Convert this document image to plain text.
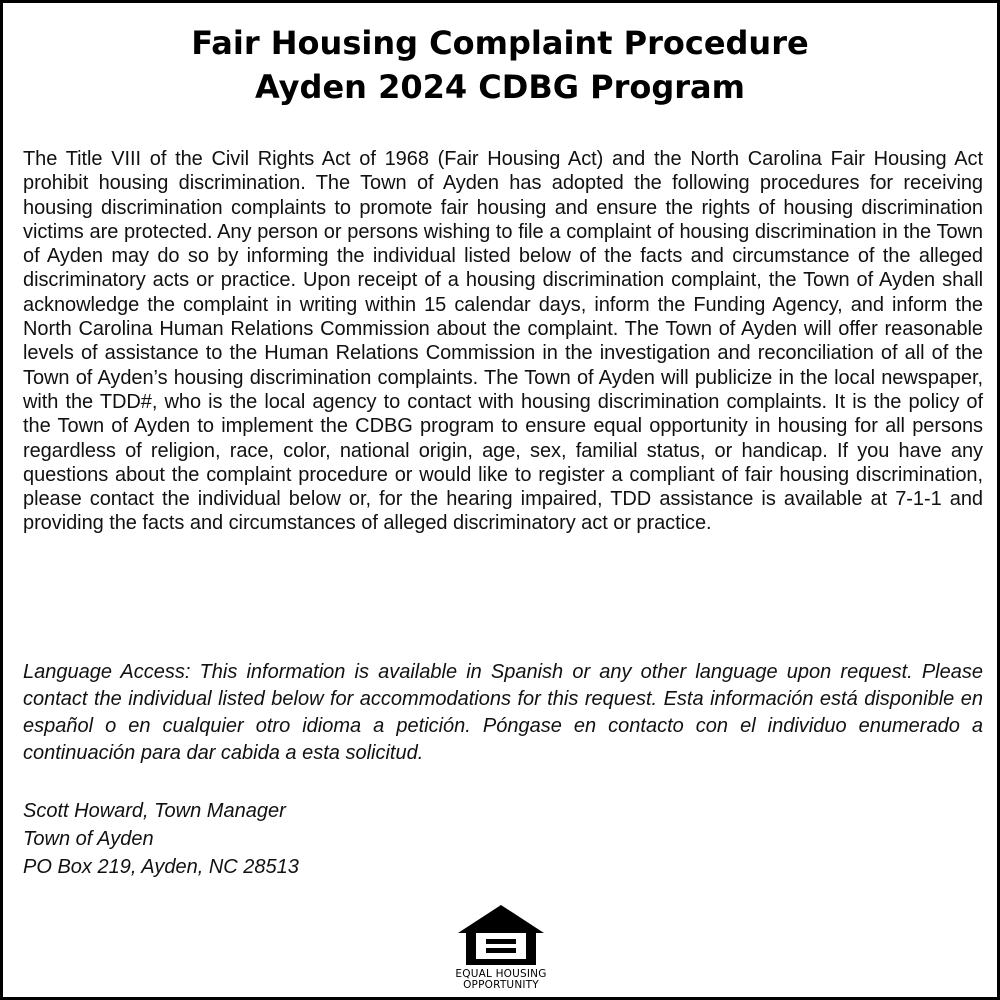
Fair Housing Complaint Procedure
Ayden 2024 CDBG Program
The Title VIII of the Civil Rights Act of 1968 (Fair Housing Act) and the North Carolina Fair Housing Act prohibit housing discrimination. The Town of Ayden has adopted the following procedures for receiving housing discrimination complaints to promote fair housing and ensure the rights of housing discrimination victims are protected. Any person or persons wishing to file a complaint of housing discrimination in the Town of Ayden may do so by informing the individual listed below of the facts and circumstance of the alleged discriminatory acts or practice. Upon receipt of a housing discrimination complaint, the Town of Ayden shall acknowledge the complaint in writing within 15 calendar days, inform the Funding Agency, and inform the North Carolina Human Relations Commission about the complaint. The Town of Ayden will offer reasonable levels of assistance to the Human Relations Commission in the investigation and reconciliation of all of the Town of Ayden’s housing discrimination complaints. The Town of Ayden will publicize in the local newspaper, with the TDD#, who is the local agency to contact with housing discrimination complaints. It is the policy of the Town of Ayden to implement the CDBG program to ensure equal opportunity in housing for all persons regardless of religion, race, color, national origin, age, sex, familial status, or handicap. If you have any questions about the complaint procedure or would like to register a compliant of fair housing discrimination, please contact the individual below or, for the hearing impaired, TDD assistance is available at 7-1-1 and providing the facts and circumstances of alleged discriminatory act or practice.
Language Access: This information is available in Spanish or any other language upon request. Please contact the individual listed below for accommodations for this request. Esta información está disponible en español o en cualquier otro idioma a petición. Póngase en contacto con el individuo enumerado a continuación para dar cabida a esta solicitud.
Scott Howard, Town Manager
Town of Ayden
PO Box 219, Ayden, NC 28513
EQUAL HOUSING
OPPORTUNITY
